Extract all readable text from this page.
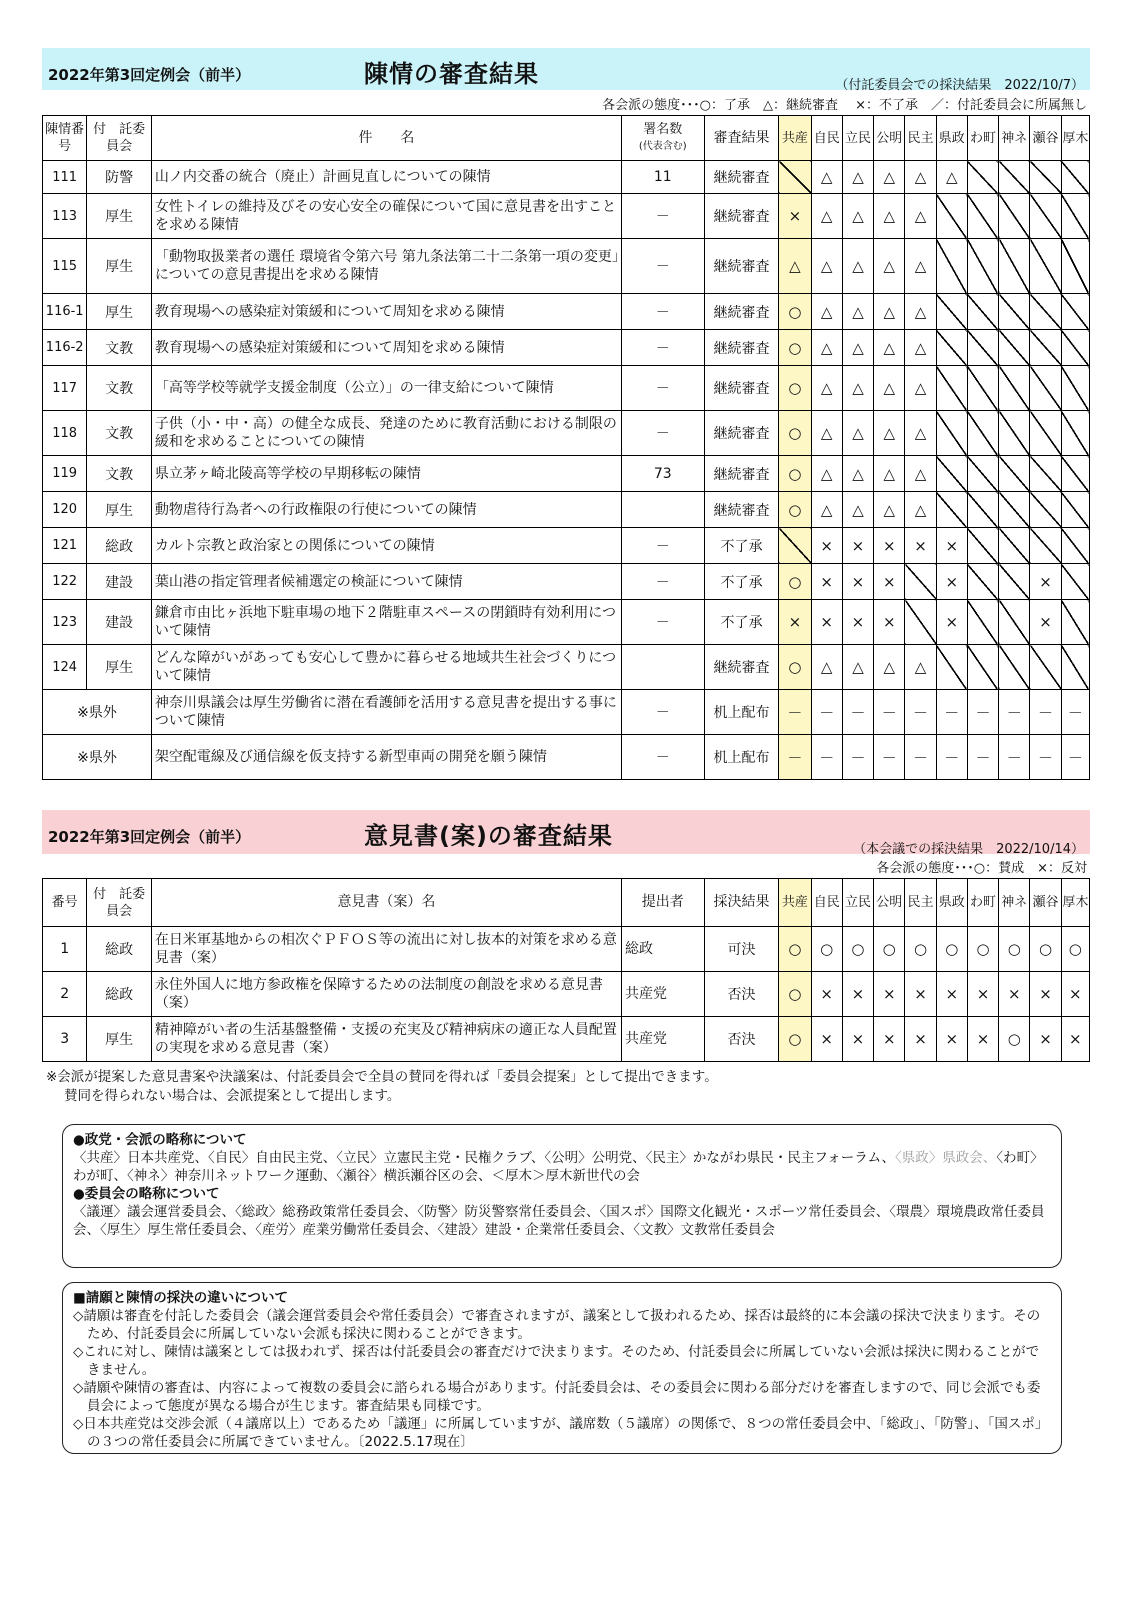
2022年第3回定例会（前半）	陳情の審査結果	（付託委員会での採決結果　2022/10/7）
各会派の態度･･･○：了承　△：継続審査　 ×：不了承　／：付託委員会に所属無し
陳情番号	付　託委員会	件　　名	署名数
(代表含む)	審査結果	共産	自民	立民	公明	民主	県政	わ町	神ネ	瀬谷	厚木
111	防警	山ノ内交番の統合（廃止）計画見直しについての陳情	11	継続審査		△	△	△	△	△				
113	厚生	女性トイレの維持及びその安心安全の確保について国に意見書を出すことを求める陳情	－	継続審査	×	△	△	△	△					
115	厚生	「動物取扱業者の選任 環境省令第六号 第九条法第二十二条第一項の変更」についての意見書提出を求める陳情	－	継続審査	△	△	△	△	△					
116-1	厚生	教育現場への感染症対策緩和について周知を求める陳情	－	継続審査	○	△	△	△	△					
116-2	文教	教育現場への感染症対策緩和について周知を求める陳情	－	継続審査	○	△	△	△	△					
117	文教	「高等学校等就学支援金制度（公立）」の一律支給について陳情	－	継続審査	○	△	△	△	△					
118	文教	子供（小・中・高）の健全な成長、発達のために教育活動における制限の緩和を求めることについての陳情	－	継続審査	○	△	△	△	△					
119	文教	県立茅ヶ崎北陵高等学校の早期移転の陳情	73	継続審査	○	△	△	△	△					
120	厚生	動物虐待行為者への行政権限の行使についての陳情		継続審査	○	△	△	△	△					
121	総政	カルト宗教と政治家との関係についての陳情	－	不了承		×	×	×	×	×				
122	建設	葉山港の指定管理者候補選定の検証について陳情	－	不了承	○	×	×	×		×			×	
123	建設	鎌倉市由比ヶ浜地下駐車場の地下２階駐車スペースの閉鎖時有効利用について陳情	－	不了承	×	×	×	×		×			×	
124	厚生	どんな障がいがあっても安心して豊かに暮らせる地域共生社会づくりについて陳情		継続審査	○	△	△	△	△					
※県外		神奈川県議会は厚生労働省に潜在看護師を活用する意見書を提出する事について陳情	－	机上配布	－	－	－	－	－	－	－	－	－	－
※県外		架空配電線及び通信線を仮支持する新型車両の開発を願う陳情	－	机上配布	－	－	－	－	－	－	－	－	－	－
2022年第3回定例会（前半）	意見書(案)の審査結果	（本会議での採決結果　2022/10/14）
各会派の態度･･･○：賛成　×：反対
番号	付　託委員会	意見書（案）名	提出者	採決結果	共産	自民	立民	公明	民主	県政	わ町	神ネ	瀬谷	厚木
1	総政	在日米軍基地からの相次ぐＰＦＯＳ等の流出に対し抜本的対策を求める意見書（案）	総政	可決	○	○	○	○	○	○	○	○	○	○
2	総政	永住外国人に地方参政権を保障するための法制度の創設を求める意見書（案）	共産党	否決	○	×	×	×	×	×	×	×	×	×
3	厚生	精神障がい者の生活基盤整備・支援の充実及び精神病床の適正な人員配置の実現を求める意見書（案）	共産党	否決	○	×	×	×	×	×	×	○	×	×
※会派が提案した意見書案や決議案は、付託委員会で全員の賛同を得れば「委員会提案」として提出できます。
賛同を得られない場合は、会派提案として提出します。

●政党・会派の略称について

〈共産〉日本共産党、〈自民〉自由民主党、〈立民〉立憲民主党・民権クラブ、〈公明〉公明党、〈民主〉かながわ県民・民主フォーラム、〈県政〉県政会、〈わ町〉わが町、〈神ネ〉神奈川ネットワーク運動、〈瀬谷〉横浜瀬谷区の会、＜厚木＞厚木新世代の会

●委員会の略称について

〈議運〉議会運営委員会、〈総政〉総務政策常任委員会、〈防警〉防災警察常任委員会、〈国スポ〉国際文化観光・スポーツ常任委員会、〈環農〉環境農政常任委員会、〈厚生〉厚生常任委員会、〈産労〉産業労働常任委員会、〈建設〉建設・企業常任委員会、〈文教〉文教常任委員会

■請願と陳情の採決の違いについて

◇請願は審査を付託した委員会（議会運営委員会や常任委員会）で審査されますが、議案として扱われるため、採否は最終的に本会議の採決で決まります。そのため、付託委員会に所属していない会派も採決に関わることができます。

◇これに対し、陳情は議案としては扱われず、採否は付託委員会の審査だけで決まります。そのため、付託委員会に所属していない会派は採決に関わることができません。

◇請願や陳情の審査は、内容によって複数の委員会に諮られる場合があります。付託委員会は、その委員会に関わる部分だけを審査しますので、同じ会派でも委員会によって態度が異なる場合が生じます。審査結果も同様です。

◇日本共産党は交渉会派（４議席以上）であるため「議運」に所属していますが、議席数（５議席）の関係で、８つの常任委員会中、「総政」、「防警」、「国スポ」の３つの常任委員会に所属できていません。〔2022.5.17現在〕
